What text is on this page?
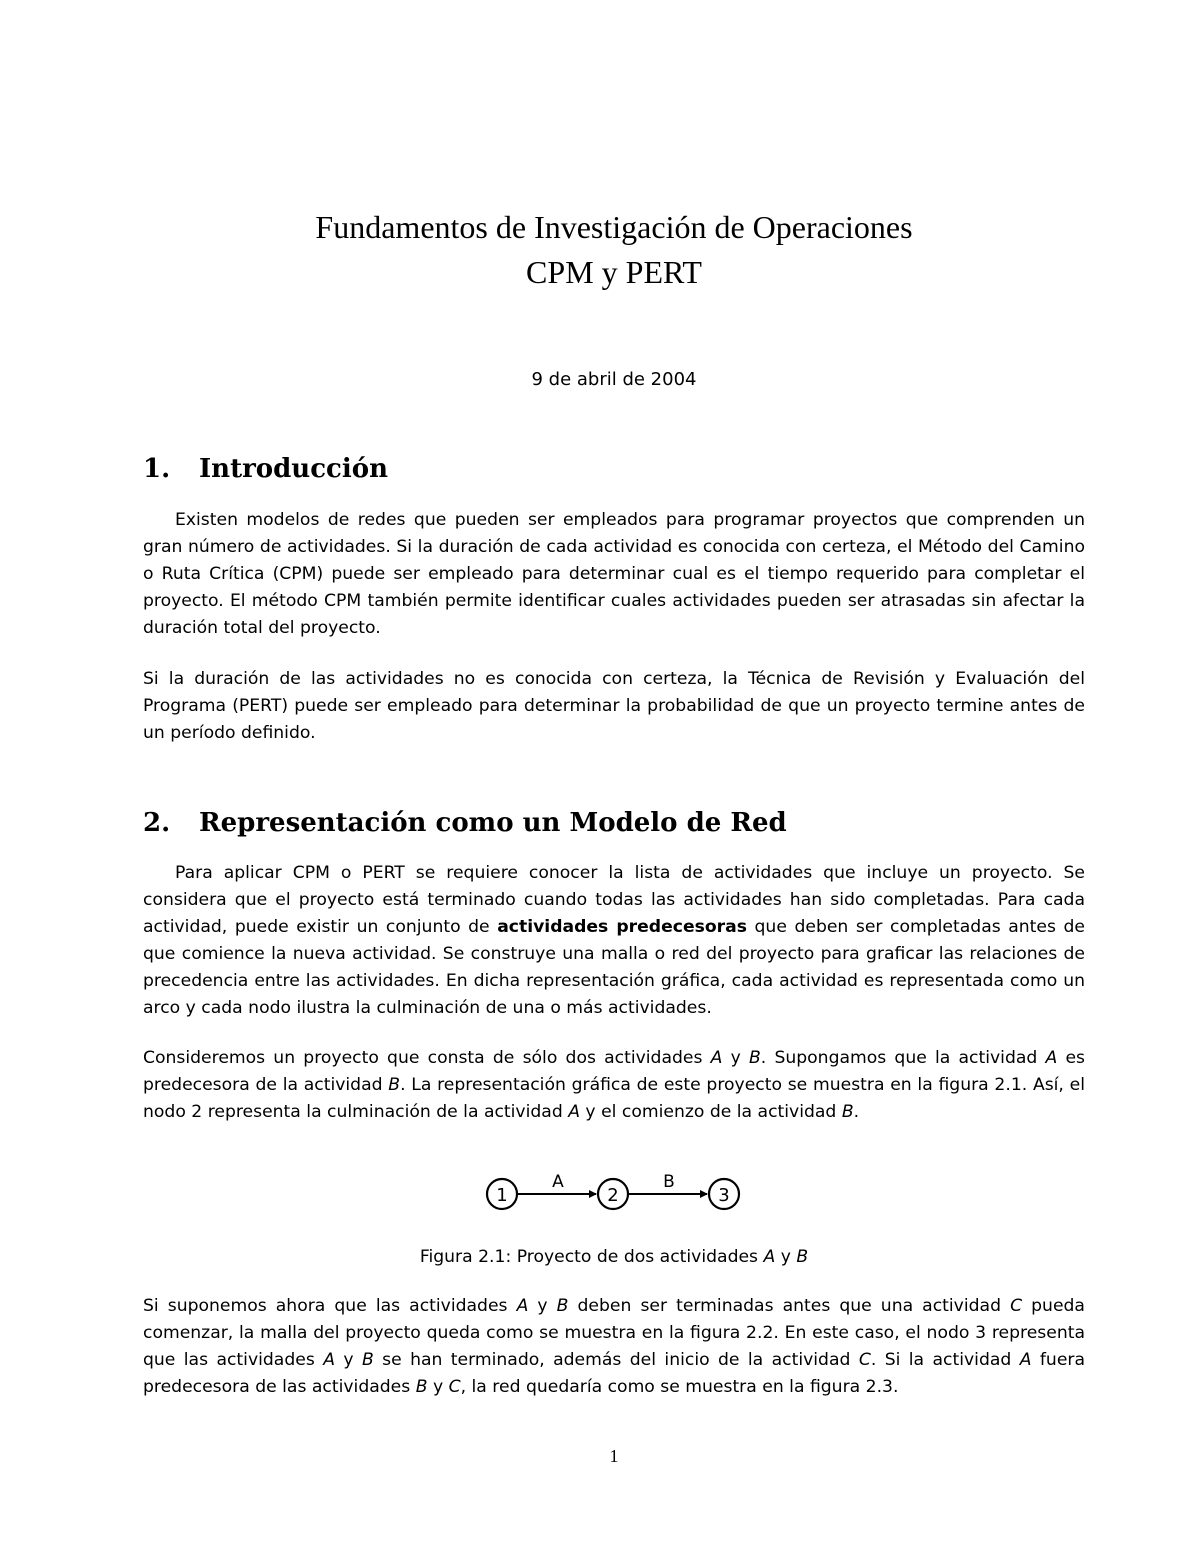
Fundamentos de Investigación de Operaciones
CPM y PERT
9 de abril de 2004
1. Introducción

Existen modelos de redes que pueden ser empleados para programar proyectos que comprenden un gran número de actividades. Si la duración de cada actividad es conocida con certeza, el Método del Camino o Ruta Crítica (CPM) puede ser empleado para determinar cual es el tiempo requerido para completar el proyecto. El método CPM también permite identificar cuales actividades pueden ser atrasadas sin afectar la duración total del proyecto.

Si la duración de las actividades no es conocida con certeza, la Técnica de Revisión y Evaluación del Programa (PERT) puede ser empleado para determinar la probabilidad de que un proyecto termine antes de un período definido.

2. Representación como un Modelo de Red

Para aplicar CPM o PERT se requiere conocer la lista de actividades que incluye un proyecto. Se considera que el proyecto está terminado cuando todas las actividades han sido completadas. Para cada actividad, puede existir un conjunto de actividades predecesoras que deben ser completadas antes de que comience la nueva actividad. Se construye una malla o red del proyecto para graficar las relaciones de precedencia entre las actividades. En dicha representación gráfica, cada actividad es representada como un arco y cada nodo ilustra la culminación de una o más actividades.

Consideremos un proyecto que consta de sólo dos actividades A y B. Supongamos que la actividad A es predecesora de la actividad B. La representación gráfica de este proyecto se muestra en la figura 2.1. Así, el nodo 2 representa la culminación de la actividad A y el comienzo de la actividad B.

1	2	3
A	B
Figura 2.1: Proyecto de dos actividades A y B

Si suponemos ahora que las actividades A y B deben ser terminadas antes que una actividad C pueda comenzar, la malla del proyecto queda como se muestra en la figura 2.2. En este caso, el nodo 3 representa que las actividades A y B se han terminado, además del inicio de la actividad C. Si la actividad A fuera predecesora de las actividades B y C, la red quedaría como se muestra en la figura 2.3.

1
